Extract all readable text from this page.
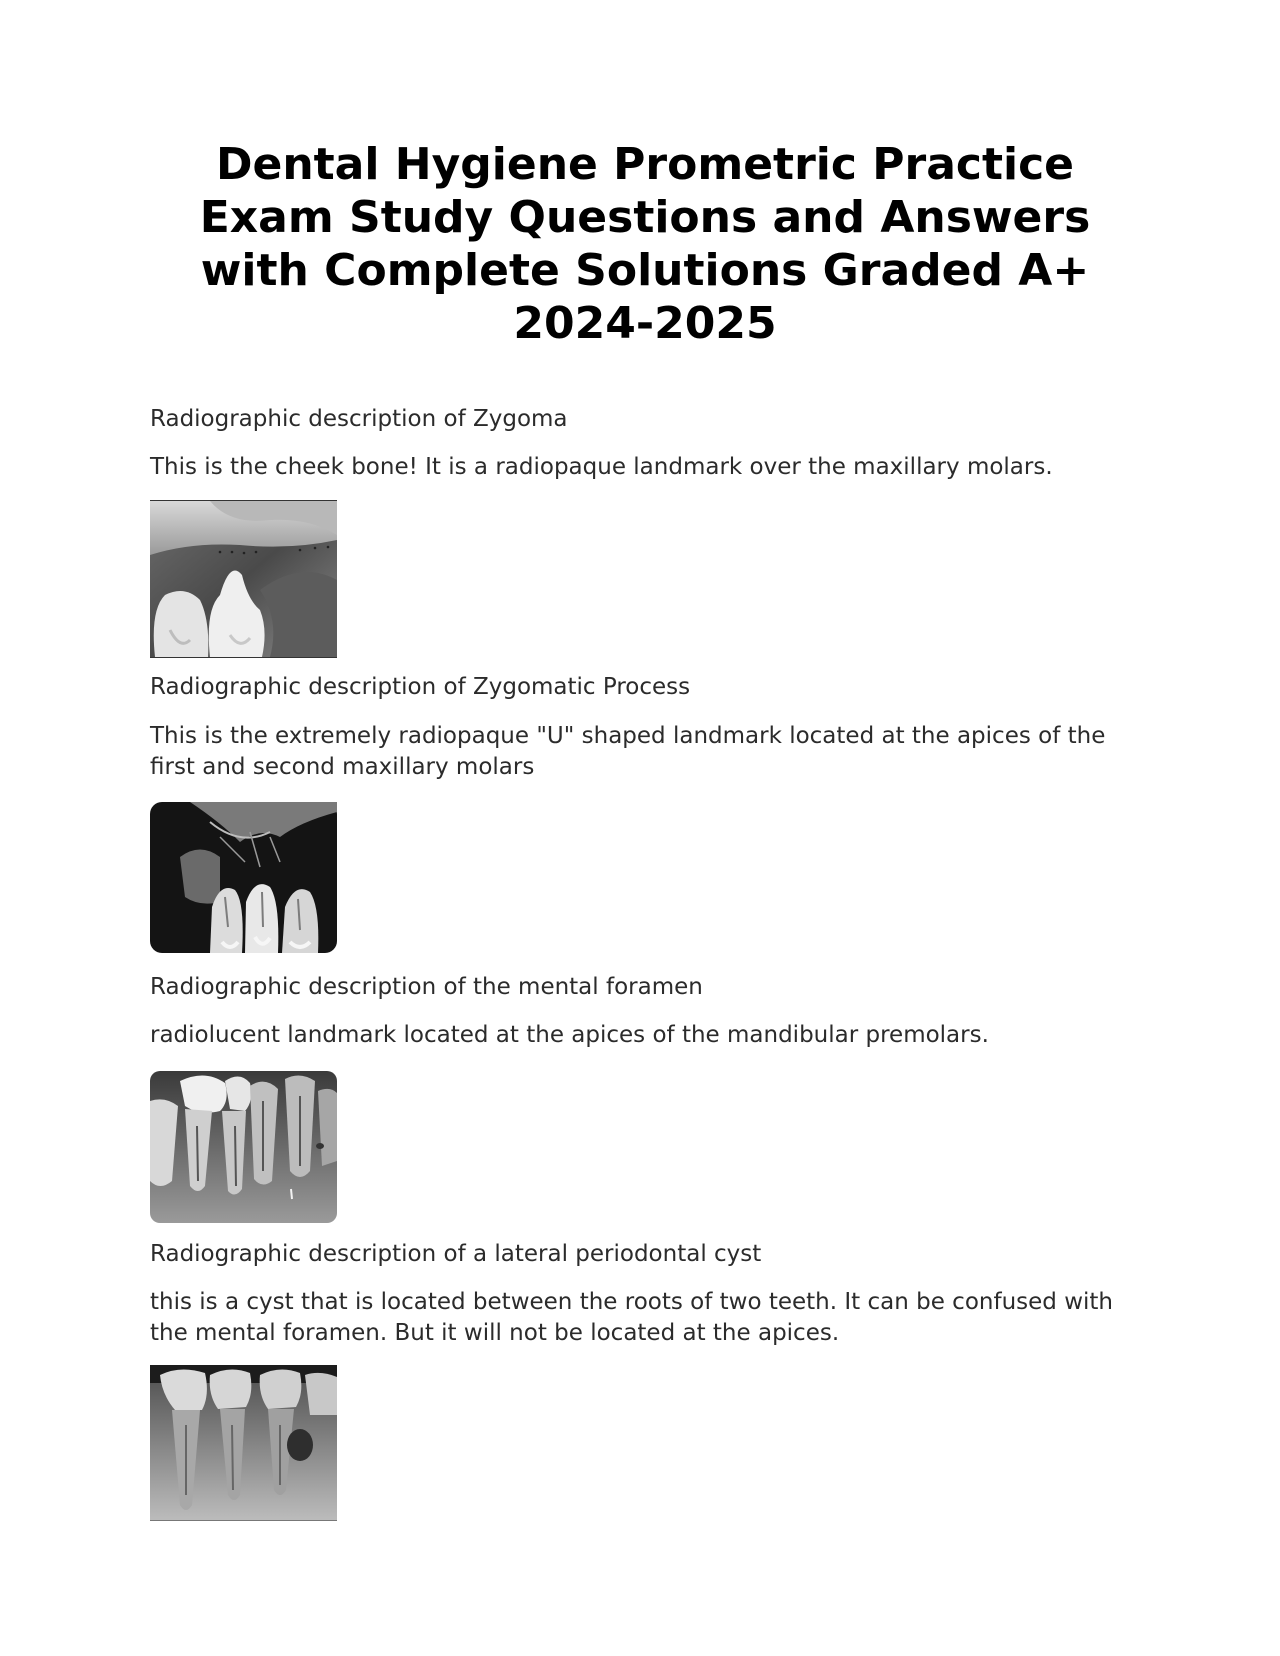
Dental Hygiene Prometric Practice Exam Study Questions and Answers with Complete Solutions Graded A+ 2024-2025

Radiographic description of Zygoma

This is the cheek bone! It is a radiopaque landmark over the maxillary molars.

Radiographic description of Zygomatic Process

This is the extremely radiopaque "U" shaped landmark located at the apices of the first and second maxillary molars

Radiographic description of the mental foramen

radiolucent landmark located at the apices of the mandibular premolars.

Radiographic description of a lateral periodontal cyst

this is a cyst that is located between the roots of two teeth. It can be confused with the mental foramen. But it will not be located at the apices.
